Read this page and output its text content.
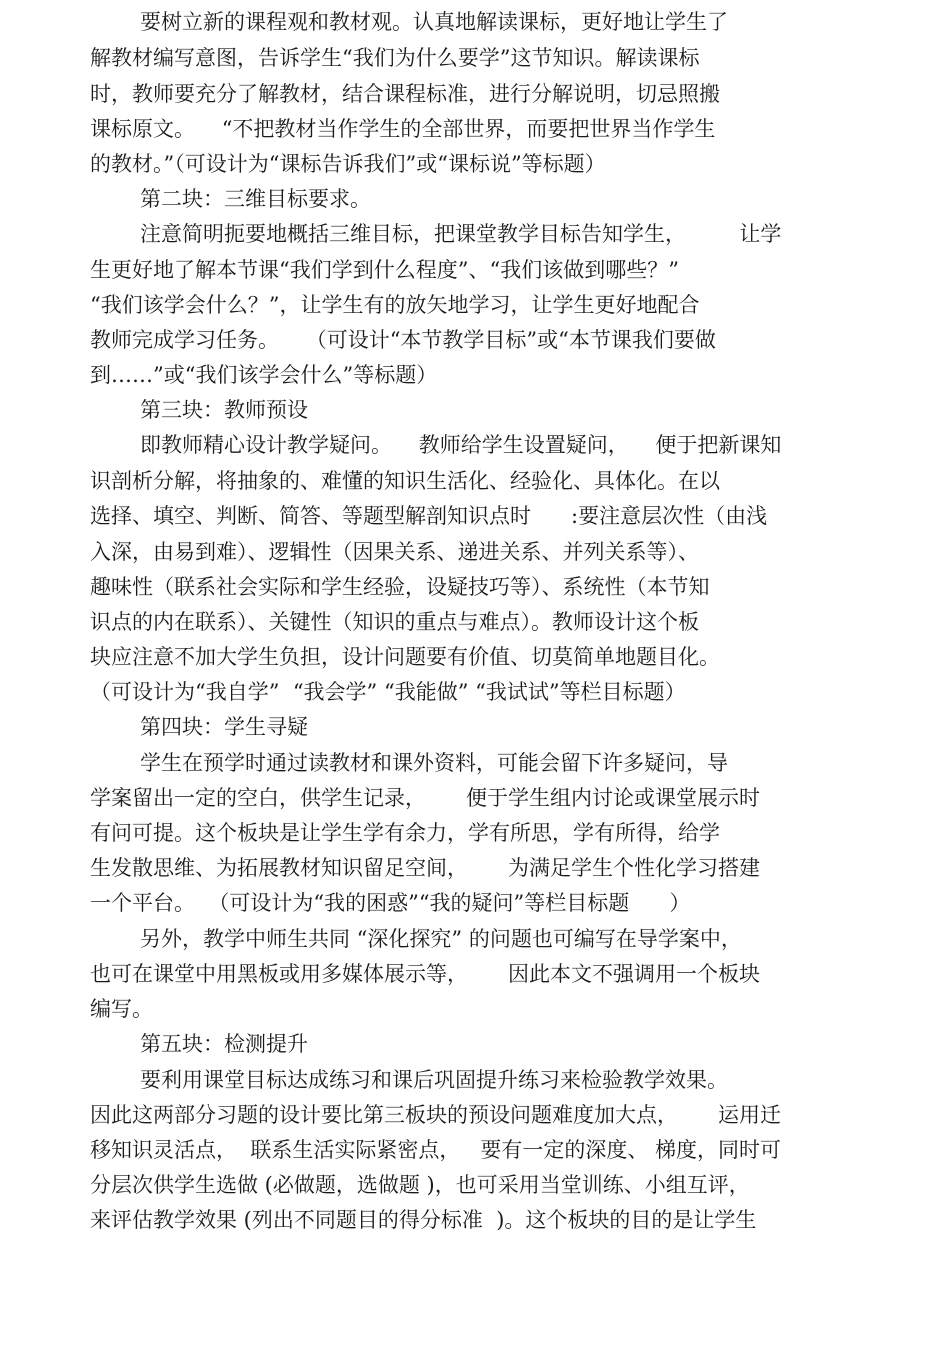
要树立新的课程观和教材观。认真地解读课标，更好地让学生了
解教材编写意图，告诉学生“我们为什么要学”这节知识。解读课标
时，教师要充分了解教材，结合课程标准，进行分解说明，切忌照搬
课标原文。    “不把教材当作学生的全部世界，而要把世界当作学生
的教材。”（可设计为“课标告诉我们”或“课标说”等标题）
第二块：三维目标要求。
注意简明扼要地概括三维目标，把课堂教学目标告知学生，        让学
生更好地了解本节课“我们学到什么程度”、“我们该做到哪些？”
“我们该学会什么？”，让学生有的放矢地学习，让学生更好地配合
教师完成学习任务。    （可设计“本节教学目标”或“本节课我们要做
到……”或“我们该学会什么”等标题）
第三块：教师预设
即教师精心设计教学疑问。    教师给学生设置疑问，    便于把新课知
识剖析分解，将抽象的、难懂的知识生活化、经验化、具体化。在以
选择、填空、判断、简答、等题型解剖知识点时      :要注意层次性（由浅
入深，由易到难）、逻辑性（因果关系、递进关系、并列关系等）、
趣味性（联系社会实际和学生经验，设疑技巧等）、系统性（本节知
识点的内在联系）、关键性（知识的重点与难点）。教师设计这个板
块应注意不加大学生负担，设计问题要有价值、切莫简单地题目化。
（可设计为“我自学”  “我会学” “我能做” “我试试”等栏目标题）
第四块：学生寻疑
学生在预学时通过读教材和课外资料，可能会留下许多疑问，导
学案留出一定的空白，供学生记录，      便于学生组内讨论或课堂展示时
有问可提。这个板块是让学生学有余力，学有所思，学有所得，给学
生发散思维、为拓展教材知识留足空间，      为满足学生个性化学习搭建
一个平台。  （可设计为“我的困惑”“我的疑问”等栏目标题      ）
另外，教学中师生共同 “深化探究” 的问题也可编写在导学案中，
也可在课堂中用黑板或用多媒体展示等，      因此本文不强调用一个板块
编写。
第五块：检测提升
要利用课堂目标达成练习和课后巩固提升练习来检验教学效果。
因此这两部分习题的设计要比第三板块的预设问题难度加大点，      运用迁
移知识灵活点，  联系生活实际紧密点，   要有一定的深度、 梯度，同时可
分层次供学生选做 (必做题，选做题 )，也可采用当堂训练、小组互评，
来评估教学效果 (列出不同题目的得分标准  )。这个板块的目的是让学生
